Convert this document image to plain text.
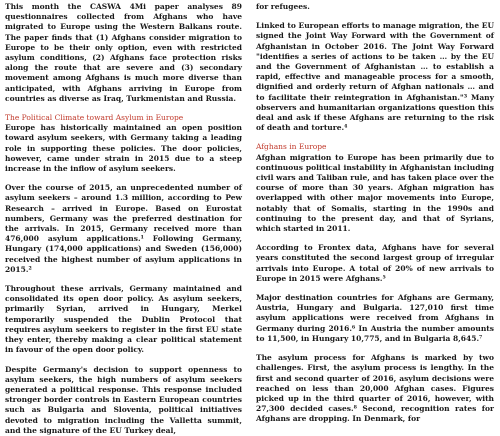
This month the CASWA 4Mi paper analyses 89 questionnaires collected from Afghans who have migrated to Europe using the Western Balkans route. The paper finds that (1) Afghans consider migration to Europe to be their only option, even with restricted asylum conditions, (2) Afghans face protection risks along the route that are severe and (3) secondary movement among Afghans is much more diverse than anticipated, with Afghans arriving in Europe from countries as diverse as Iraq, Turkmenistan and Russia.

The Political Climate toward Asylum in Europe

Europe has historically maintained an open position toward asylum seekers, with Germany taking a leading role in supporting these policies. The door policies, however, came under strain in 2015 due to a steep increase in the inflow of asylum seekers.

Over the course of 2015, an unprecedented number of asylum seekers – around 1.3 million, according to Pew Research – arrived in Europe. Based on Eurostat numbers, Germany was the preferred destination for the arrivals. In 2015, Germany received more than 476,000 asylum applications.¹ Following Germany, Hungary (174,000 applications) and Sweden (156,000) received the highest number of asylum applications in 2015.²

Throughout these arrivals, Germany maintained and consolidated its open door policy. As asylum seekers, primarily Syrian, arrived in Hungary, Merkel temporarily suspended the Dublin Protocol that requires asylum seekers to register in the first EU state they enter, thereby making a clear political statement in favour of the open door policy.

Despite Germany's decision to support openness to asylum seekers, the high numbers of asylum seekers generated a political response. This response included stronger border controls in Eastern European countries such as Bulgaria and Slovenia, political initiatives devoted to migration including the Valletta summit, and the signature of the EU Turkey deal,

for refugees.

Linked to European efforts to manage migration, the EU signed the Joint Way Forward with the Government of Afghanistan in October 2016. The Joint Way Forward "identifies a series of actions to be taken … by the EU and the Government of Afghanistan … to establish a rapid, effective and manageable process for a smooth, dignified and orderly return of Afghan nationals … and to facilitate their reintegration in Afghanistan."³ Many observers and humanitarian organizations question this deal and ask if these Afghans are returning to the risk of death and torture.⁴

Afghans in Europe

Afghan migration to Europe has been primarily due to continuous political instability in Afghanistan including civil wars and Taliban rule, and has taken place over the course of more than 30 years. Afghan migration has overlapped with other major movements into Europe, notably that of Somalis, starting in the 1990s and continuing to the present day, and that of Syrians, which started in 2011.

According to Frontex data, Afghans have for several years constituted the second largest group of irregular arrivals into Europe. A total of 20% of new arrivals to Europe in 2015 were Afghans.⁵

Major destination countries for Afghans are Germany, Austria, Hungary and Bulgaria. 127,010 first time asylum applications were received from Afghans in Germany during 2016.⁶ In Austria the number amounts to 11,500, in Hungary 10,775, and in Bulgaria 8,645.⁷

The asylum process for Afghans is marked by two challenges. First, the asylum process is lengthy. In the first and second quarter of 2016, asylum decisions were reached on less than 20,000 Afghan cases. Figures picked up in the third quarter of 2016, however, with 27,300 decided cases.⁸ Second, recognition rates for Afghans are dropping. In Denmark, for
